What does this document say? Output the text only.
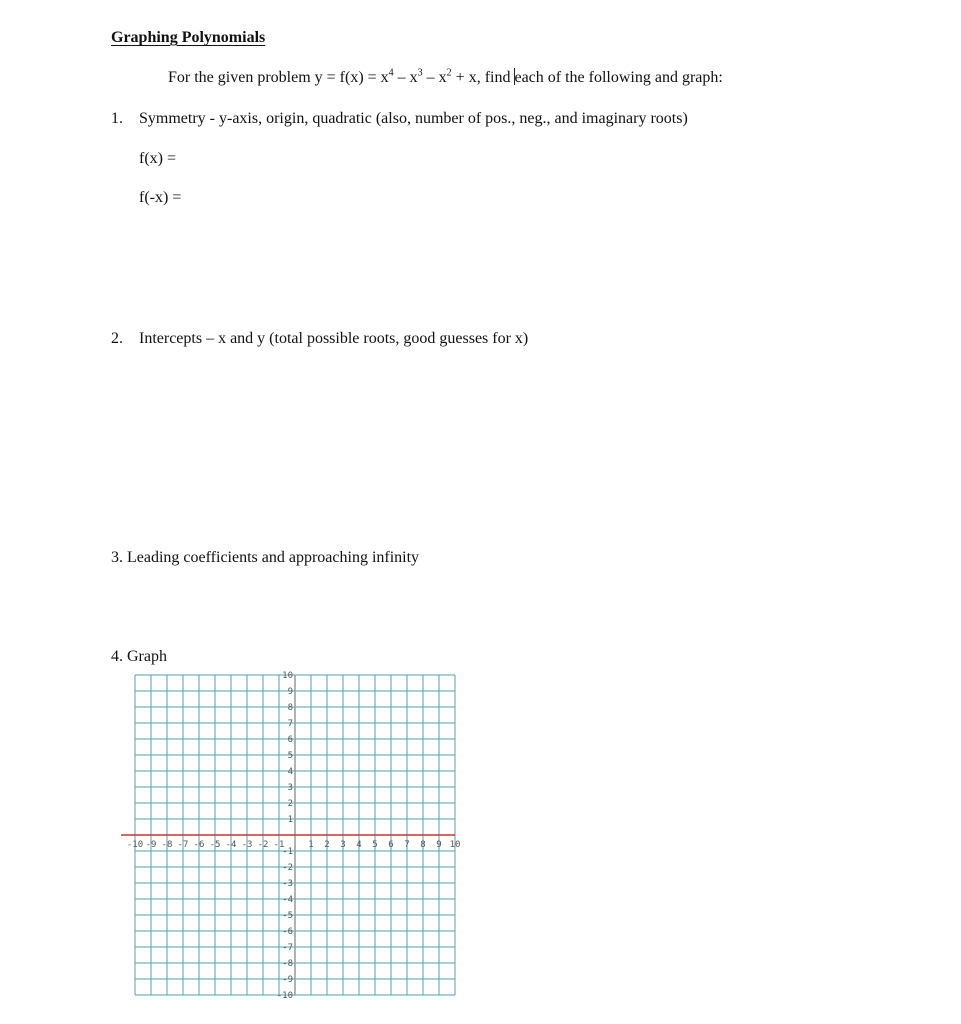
Graphing Polynomials
For the given problem $y = f(x) = x^4 - x^3 - x^2 + x$, find each of the following and graph:
1. Symmetry - y-axis, origin, quadratic (also, number of pos., neg., and imaginary roots)
f(x) =
f(-x) =
2. Intercepts – x and y (total possible roots, good guesses for x)
3. Leading coefficients and approaching infinity
4. Graph
-10 -9 -8 -7 -6 -5 -4 -3 -2 -1	1 2 3 4 5 6 7 8 9 10
10
9
8
7
6
5
4
3
2
1
-1
-2
-3
-4
-5
-6
-7
-8
-9
-10
